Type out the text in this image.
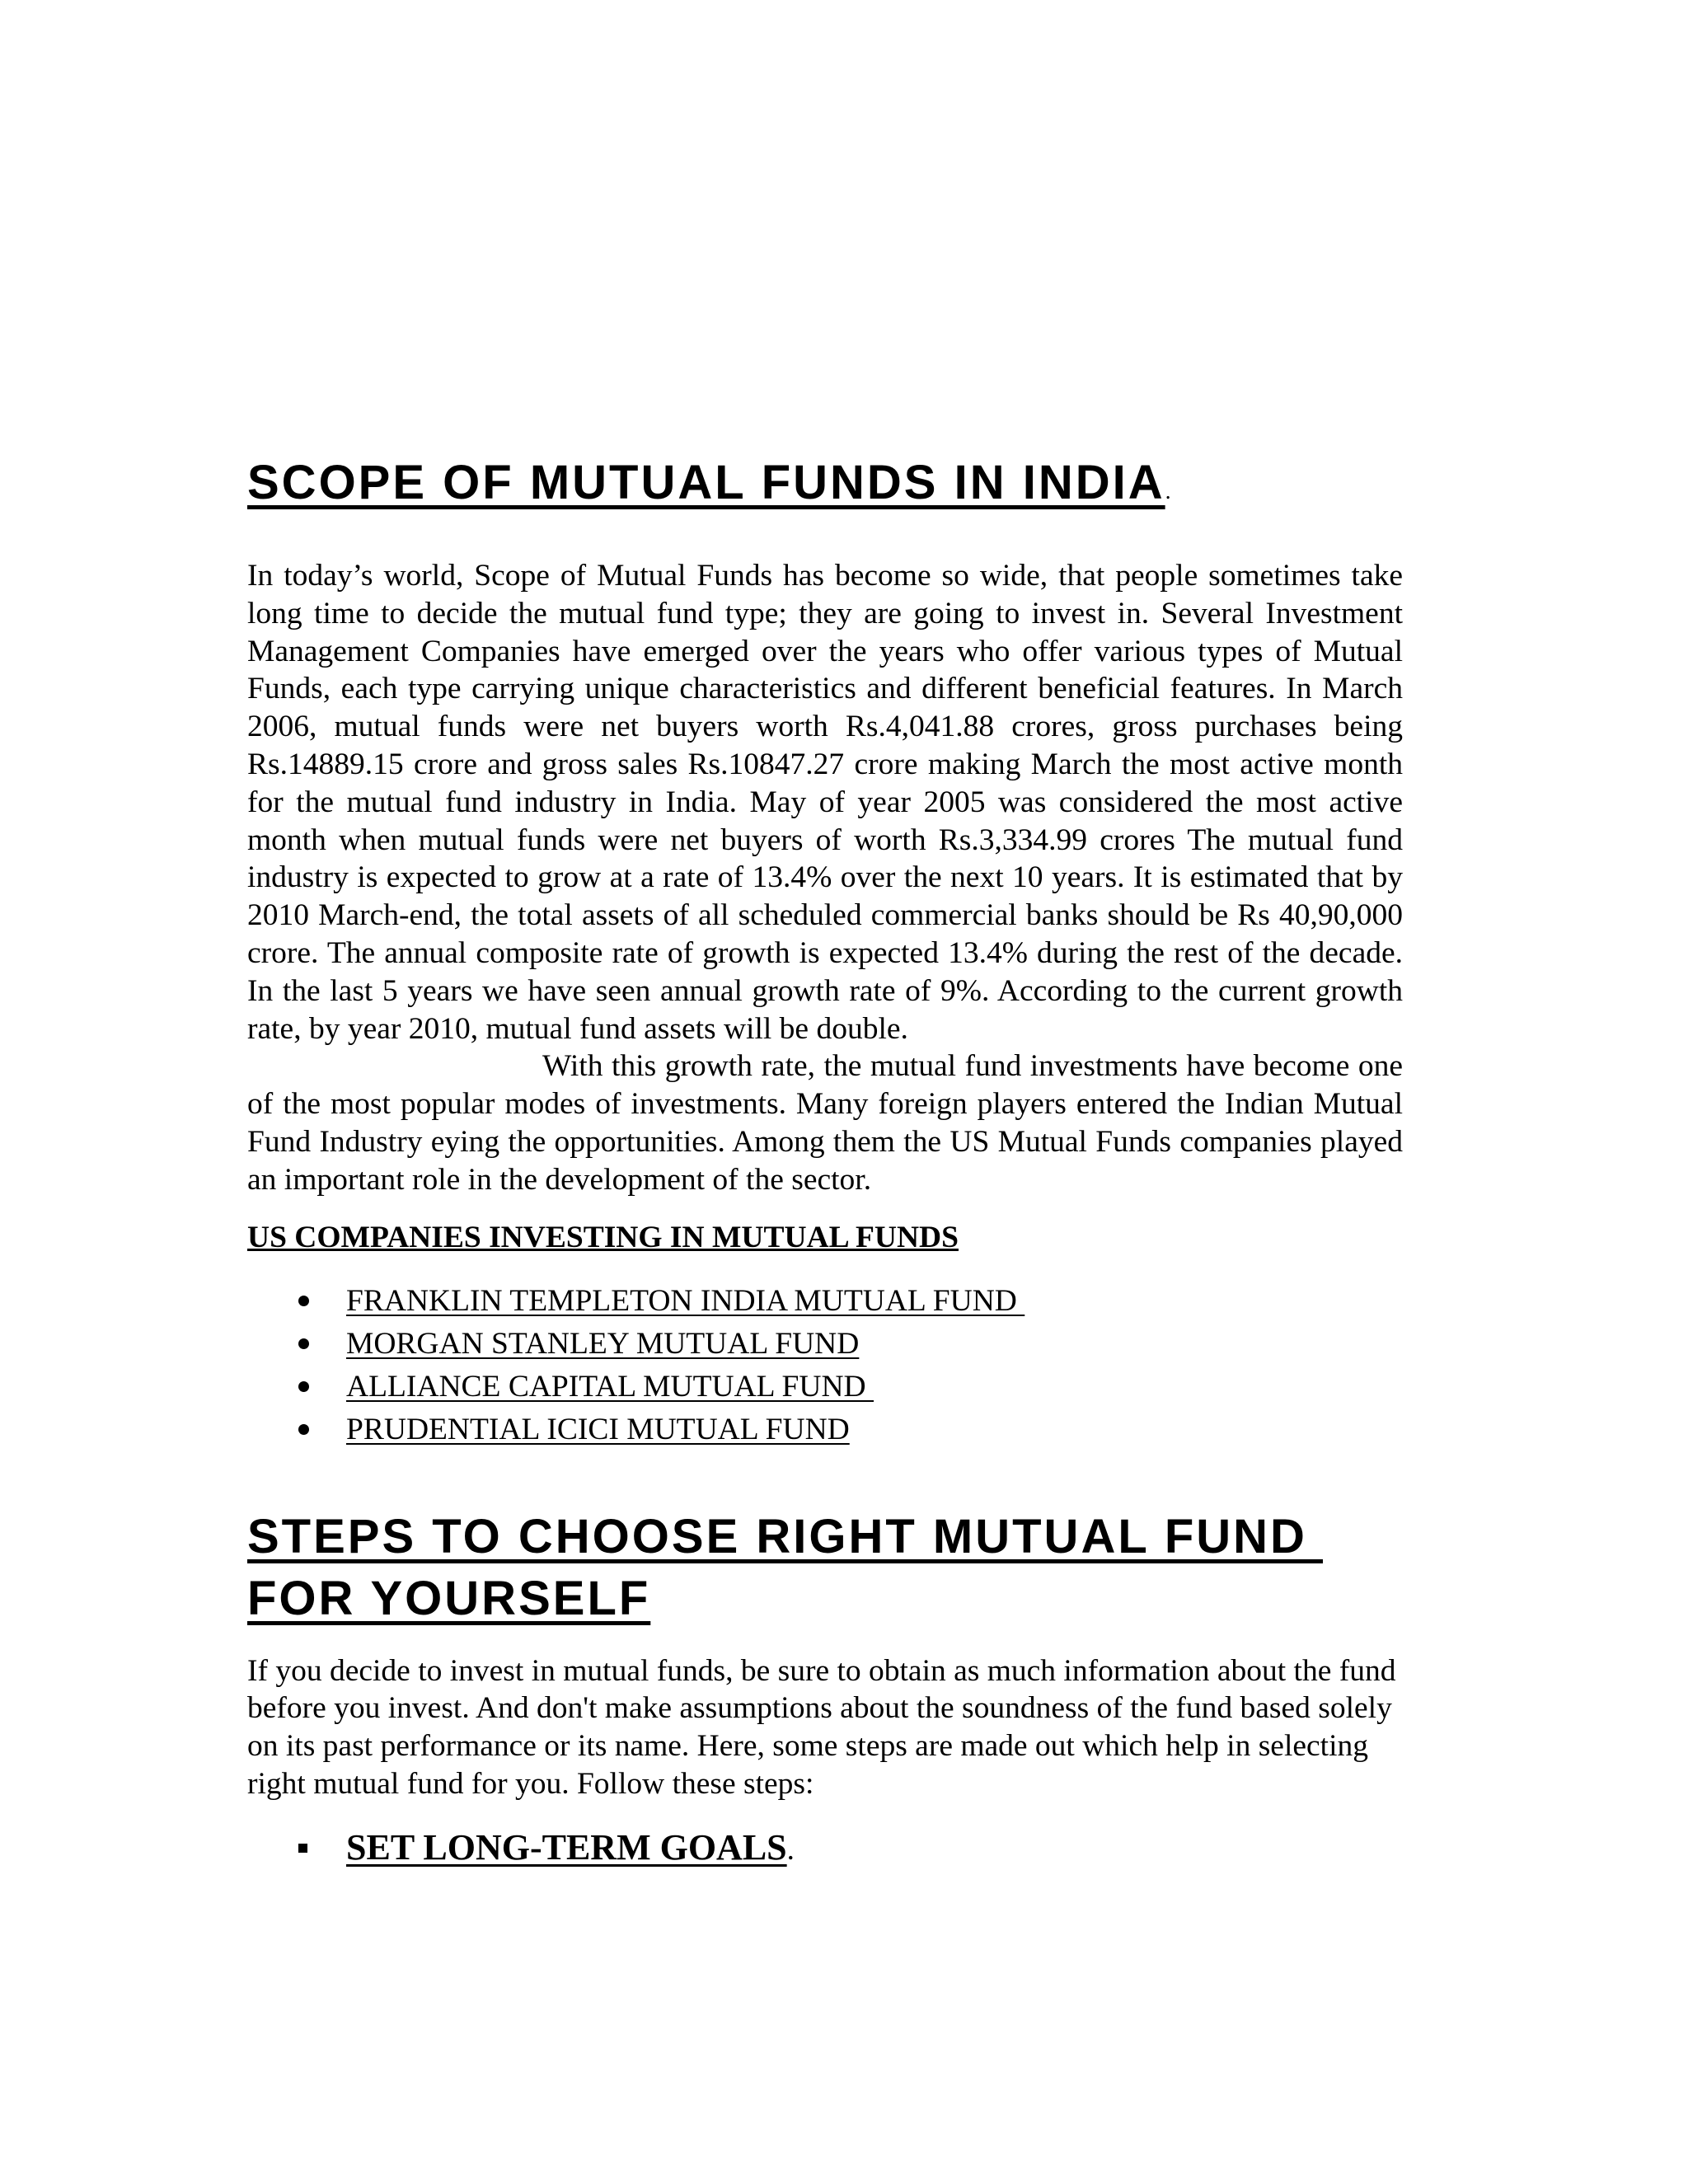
SCOPE OF MUTUAL FUNDS IN INDIA.

In today’s world, Scope of Mutual Funds has become so wide, that people sometimes take long time to decide the mutual fund type; they are going to invest in. Several Investment Management Companies have emerged over the years who offer various types of Mutual Funds, each type carrying unique characteristics and different beneficial features. In March 2006, mutual funds were net buyers worth Rs.4,041.88 crores, gross purchases being Rs.14889.15 crore and gross sales Rs.10847.27 crore making March the most active month for the mutual fund industry in India. May of year 2005 was considered the most active month when mutual funds were net buyers of worth Rs.3,334.99 crores The mutual fund industry is expected to grow at a rate of 13.4% over the next 10 years. It is estimated that by 2010 March-end, the total assets of all scheduled commercial banks should be Rs 40,90,000 crore. The annual composite rate of growth is expected 13.4% during the rest of the decade. In the last 5 years we have seen annual growth rate of 9%. According to the current growth rate, by year 2010, mutual fund assets will be double.

With this growth rate, the mutual fund investments have become one of the most popular modes of investments. Many foreign players entered the Indian Mutual Fund Industry eying the opportunities. Among them the US Mutual Funds companies played an important role in the development of the sector.

US COMPANIES INVESTING IN MUTUAL FUNDS
FRANKLIN TEMPLETON INDIA MUTUAL FUND
MORGAN STANLEY MUTUAL FUND
ALLIANCE CAPITAL MUTUAL FUND
PRUDENTIAL ICICI MUTUAL FUND
STEPS TO CHOOSE RIGHT MUTUAL FUND
FOR YOURSELF

If you decide to invest in mutual funds, be sure to obtain as much information about the fund before you invest. And don't make assumptions about the soundness of the fund based solely on its past performance or its name. Here, some steps are made out which help in selecting right mutual fund for you. Follow these steps:

SET LONG-TERM GOALS.
